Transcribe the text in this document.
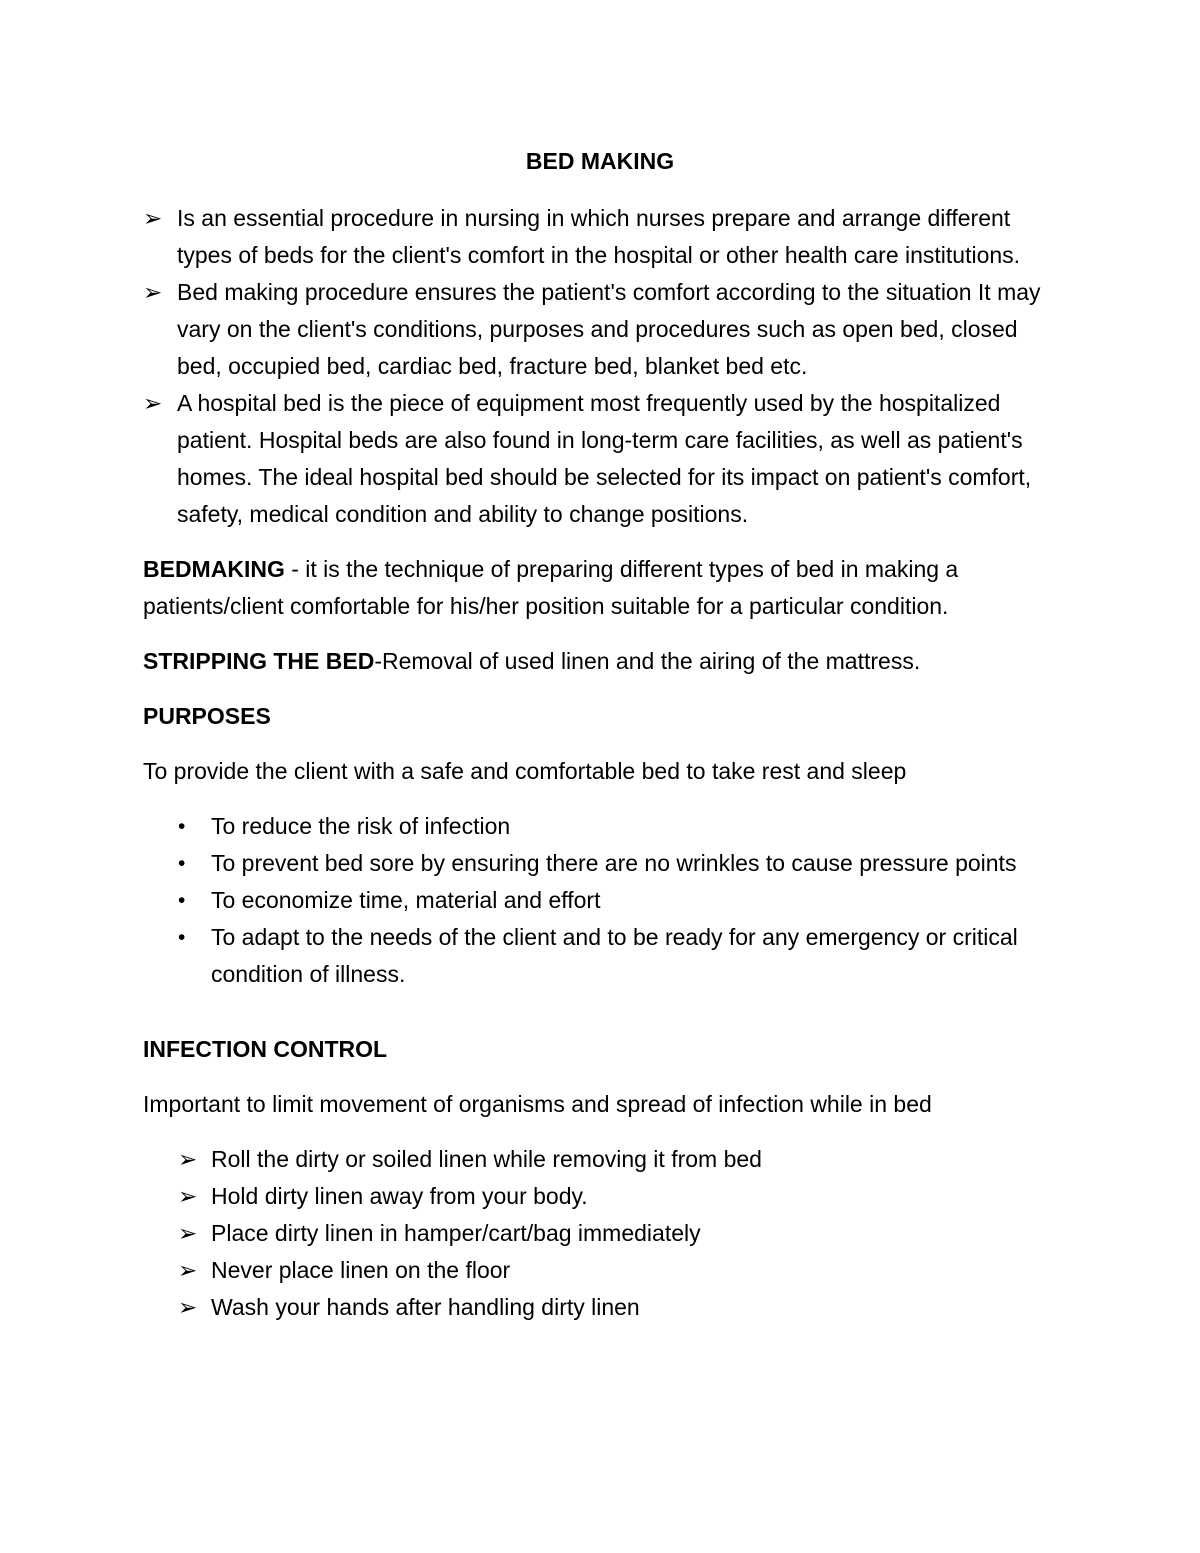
BED MAKING
➢ Is an essential procedure in nursing in which nurses prepare and arrange different types of beds for the client's comfort in the hospital or other health care institutions.
➢ Bed making procedure ensures the patient's comfort according to the situation It may vary on the client's conditions, purposes and procedures such as open bed, closed bed, occupied bed, cardiac bed, fracture bed, blanket bed etc.
➢ A hospital bed is the piece of equipment most frequently used by the hospitalized patient. Hospital beds are also found in long-term care facilities, as well as patient's homes. The ideal hospital bed should be selected for its impact on patient's comfort, safety, medical condition and ability to change positions.

BEDMAKING - it is the technique of preparing different types of bed in making a patients/client comfortable for his/her position suitable for a particular condition.

STRIPPING THE BED-Removal of used linen and the airing of the mattress.

PURPOSES

To provide the client with a safe and comfortable bed to take rest and sleep

•	To reduce the risk of infection
•	To prevent bed sore by ensuring there are no wrinkles to cause pressure points
•	To economize time, material and effort
•	To adapt to the needs of the client and to be ready for any emergency or critical condition of illness.
INFECTION CONTROL

Important to limit movement of organisms and spread of infection while in bed

➢ Roll the dirty or soiled linen while removing it from bed
➢ Hold dirty linen away from your body.
➢ Place dirty linen in hamper/cart/bag immediately
➢ Never place linen on the floor
➢ Wash your hands after handling dirty linen
